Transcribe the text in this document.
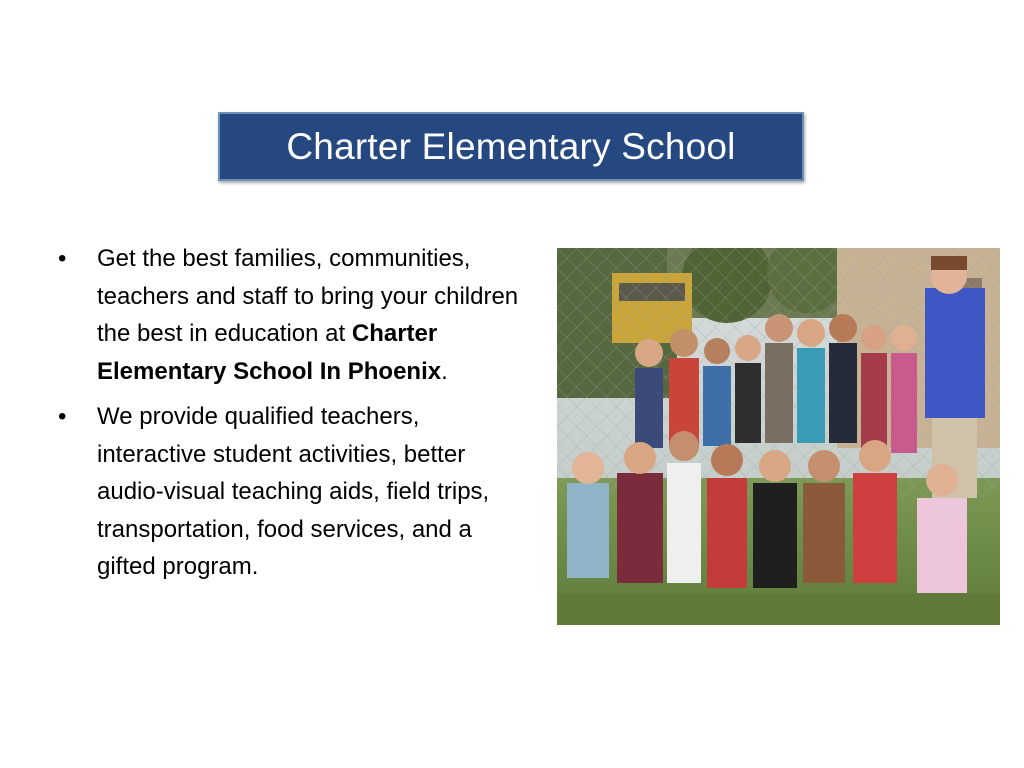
Charter Elementary School
• Get the best families, communities, teachers and staff to bring your children the best in education at Charter Elementary School In Phoenix.
• We provide qualified teachers, interactive student activities, better audio-visual teaching aids, field trips, transportation, food services, and a gifted program.
